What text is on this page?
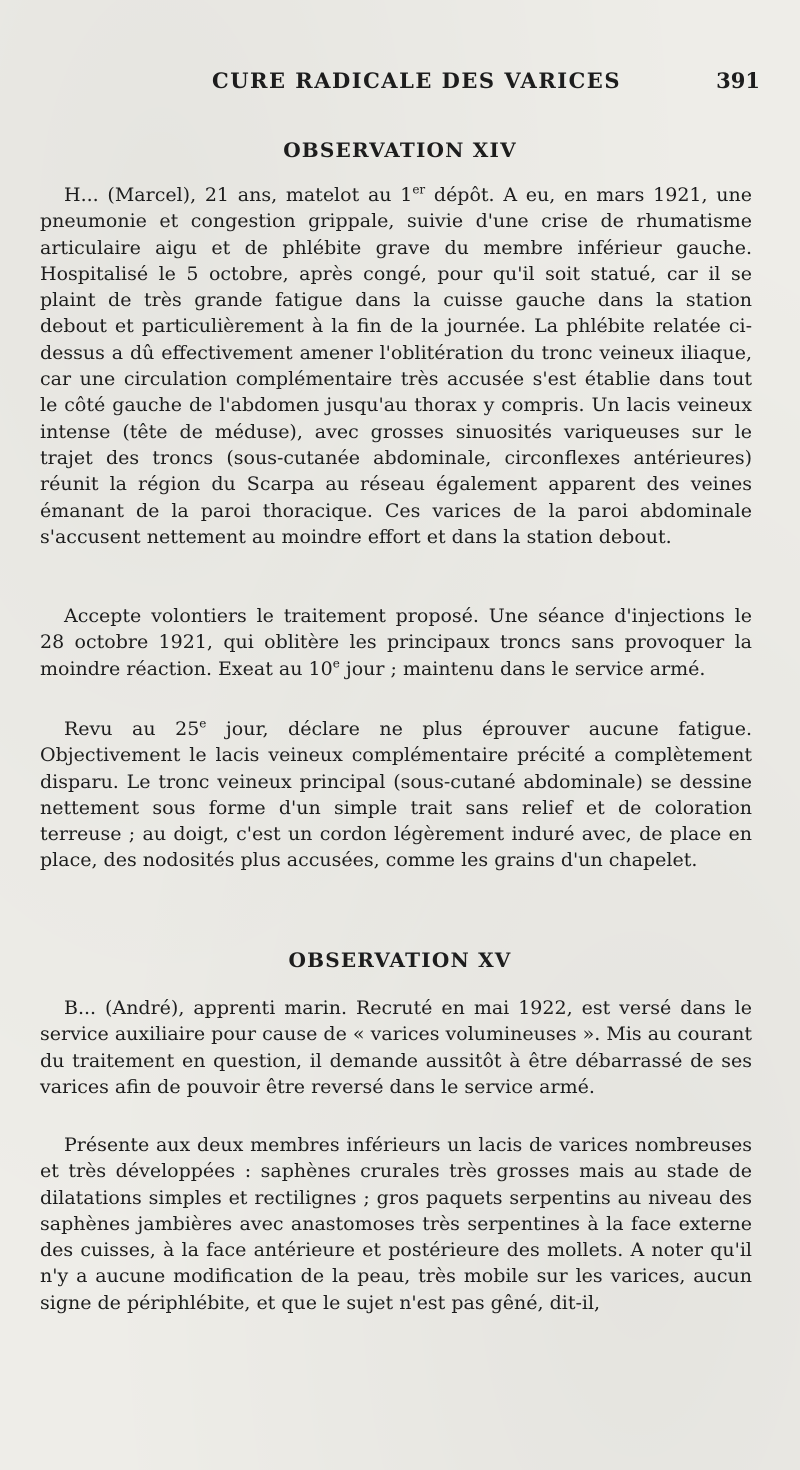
CURE RADICALE DES VARICES	391
OBSERVATION XIV

H... (Marcel), 21 ans, matelot au 1er dépôt. A eu, en mars 1921, une pneumonie et congestion grippale, suivie d'une crise de rhumatisme articulaire aigu et de phlébite grave du membre inférieur gauche. Hospitalisé le 5 octobre, après congé, pour qu'il soit statué, car il se plaint de très grande fatigue dans la cuisse gauche dans la station debout et particulièrement à la fin de la journée. La phlébite relatée ci-dessus a dû effectivement amener l'oblitération du tronc veineux iliaque, car une circulation complémentaire très accusée s'est établie dans tout le côté gauche de l'abdomen jusqu'au thorax y compris. Un lacis veineux intense (tête de méduse), avec grosses sinuosités variqueuses sur le trajet des troncs (sous-cutanée abdominale, circonflexes antérieures) réunit la région du Scarpa au réseau également apparent des veines émanant de la paroi thoracique. Ces varices de la paroi abdominale s'accusent nettement au moindre effort et dans la station debout.

Accepte volontiers le traitement proposé. Une séance d'injections le 28 octobre 1921, qui oblitère les principaux troncs sans provoquer la moindre réaction. Exeat au 10e jour ; maintenu dans le service armé.

Revu au 25e jour, déclare ne plus éprouver aucune fatigue. Objectivement le lacis veineux complémentaire précité a complètement disparu. Le tronc veineux principal (sous-cutané abdominale) se dessine nettement sous forme d'un simple trait sans relief et de coloration terreuse ; au doigt, c'est un cordon légèrement induré avec, de place en place, des nodosités plus accusées, comme les grains d'un chapelet.

OBSERVATION XV

B... (André), apprenti marin. Recruté en mai 1922, est versé dans le service auxiliaire pour cause de « varices volumineuses ». Mis au courant du traitement en question, il demande aussitôt à être débarrassé de ses varices afin de pouvoir être reversé dans le service armé.

Présente aux deux membres inférieurs un lacis de varices nombreuses et très développées : saphènes crurales très grosses mais au stade de dilatations simples et rectilignes ; gros paquets serpentins au niveau des saphènes jambières avec anastomoses très serpentines à la face externe des cuisses, à la face antérieure et postérieure des mollets. A noter qu'il n'y a aucune modification de la peau, très mobile sur les varices, aucun signe de périphlébite, et que le sujet n'est pas gêné, dit-il,
